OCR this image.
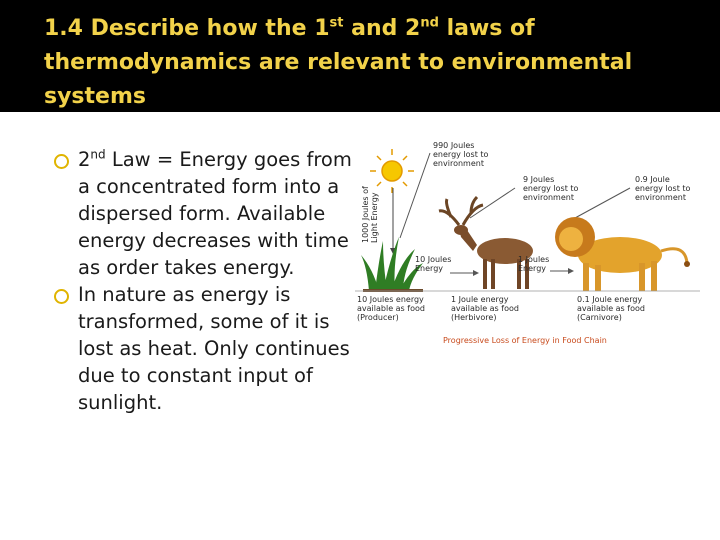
1.4 Describe how the 1st and 2nd laws of thermodynamics are relevant to environmental systems
2nd Law = Energy goes from a concentrated form into a dispersed form. Available energy decreases with time as order takes energy.
In nature as energy is transformed, some of it is lost as heat. Only continues due to constant input of sunlight.
990 Joules
energy lost to
environment
9 Joules
energy lost to
environment
0.9 Joule
energy lost to
environment
1000 Joules of Light Energy
10 Joules
Energy
1 Joules
Energy
10 Joules energy
available as food
(Producer)
1 Joule energy
available as food
(Herbivore)
0.1 Joule energy
available as food
(Carnivore)
Progressive Loss of Energy in Food Chain
